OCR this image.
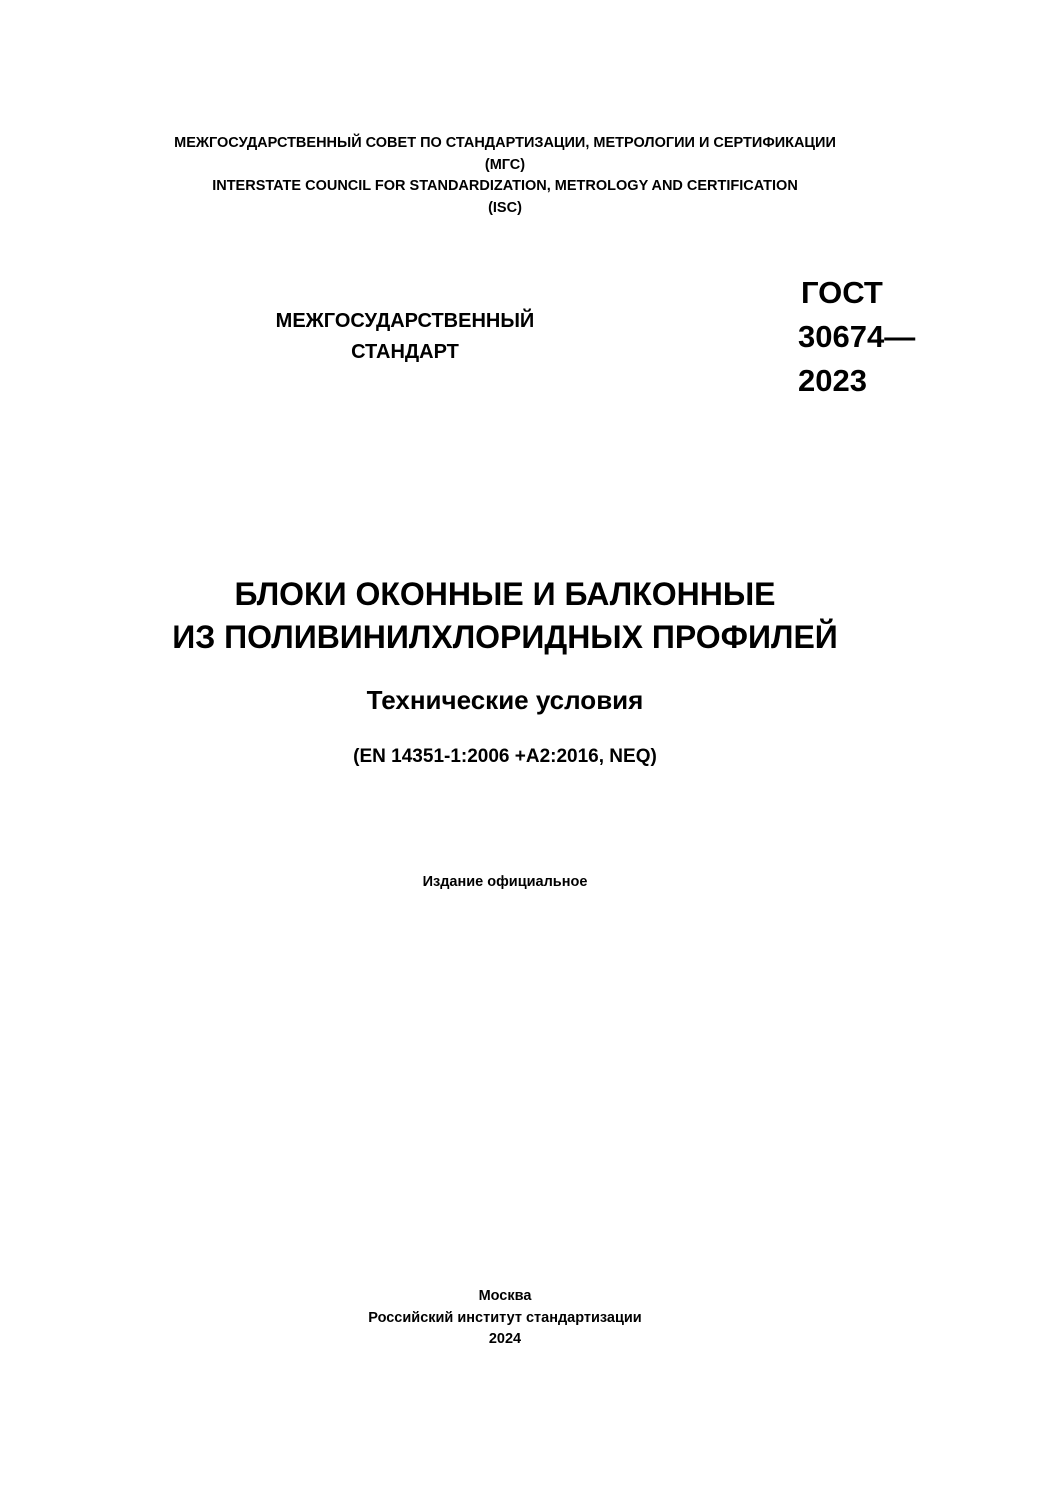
МЕЖГОСУДАРСТВЕННЫЙ СОВЕТ ПО СТАНДАРТИЗАЦИИ, МЕТРОЛОГИИ И СЕРТИФИКАЦИИ
(МГС)
INTERSTATE COUNCIL FOR STANDARDIZATION, METROLOGY AND CERTIFICATION
(ISC)
МЕЖГОСУДАРСТВЕННЫЙ
СТАНДАРТ
ГОСТ
30674—
2023
БЛОКИ ОКОННЫЕ И БАЛКОННЫЕ
ИЗ ПОЛИВИНИЛХЛОРИДНЫХ ПРОФИЛЕЙ
Технические условия
(EN 14351-1:2006 +A2:2016, NEQ)
Издание официальное
Москва
Российский институт стандартизации
2024
